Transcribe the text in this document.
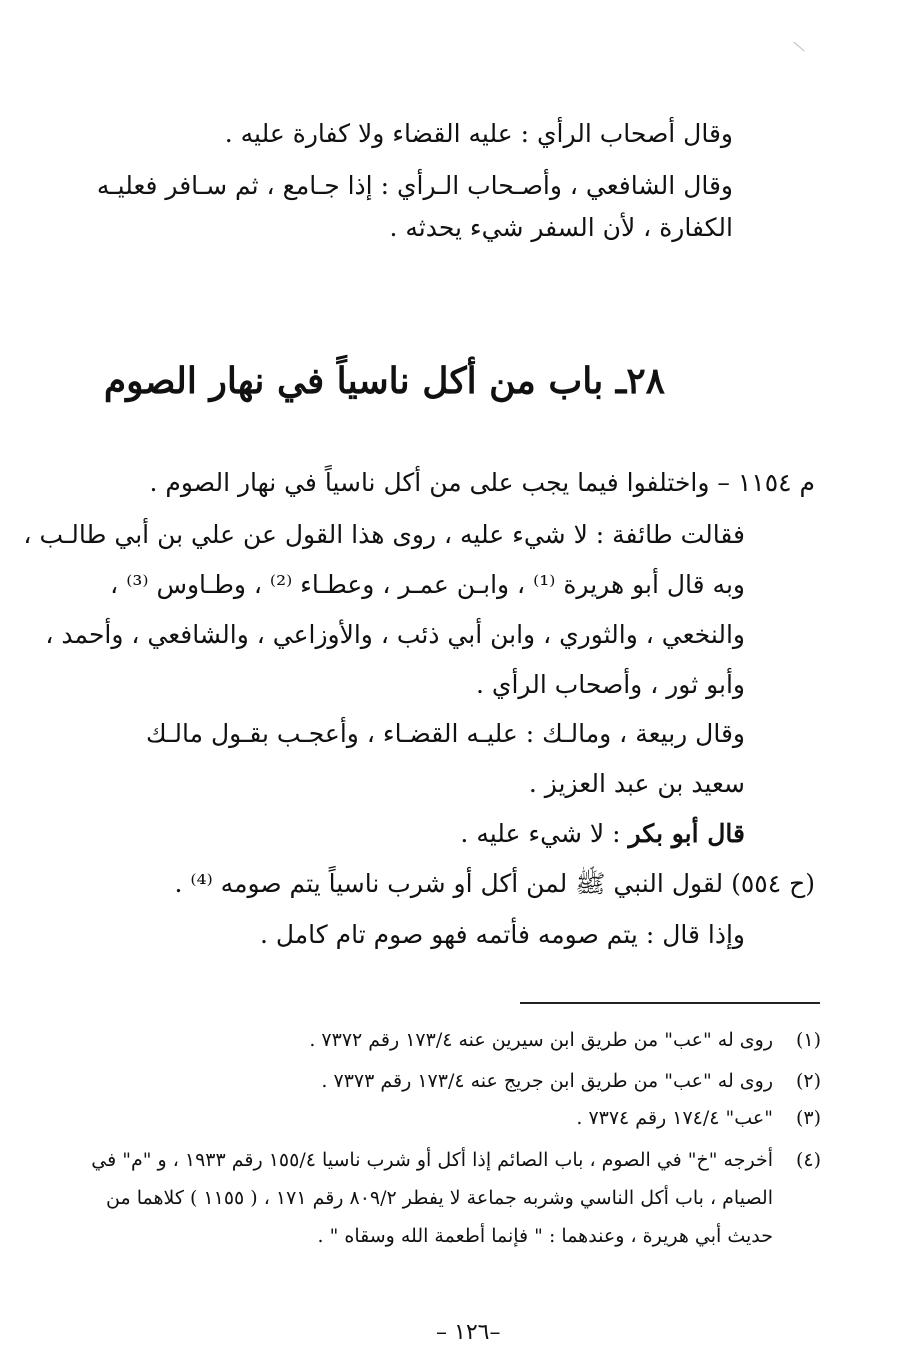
وقال أصحاب الرأي : عليه القضاء ولا كفارة عليه .
وقال الشافعي ، وأصـحاب الـرأي : إذا جـامع ، ثم سـافر فعليـه
الكفارة ، لأن السفر شيء يحدثه .
٢٨ـ باب من أكل ناسياً في نهار الصوم
م ١١٥٤ – واختلفوا فيما يجب على من أكل ناسياً في نهار الصوم .
فقالت طائفة : لا شيء عليه ، روى هذا القول عن علي بن أبي طالـب ،
وبه قال أبو هريرة ⁽¹⁾ ، وابـن عمـر ، وعطـاء ⁽²⁾ ، وطـاوس ⁽³⁾ ،
والنخعي ، والثوري ، وابن أبي ذئب ، والأوزاعي ، والشافعي ، وأحمد ،
وأبو ثور ، وأصحاب الرأي .
وقال ربيعة ، ومالـك : عليـه القضـاء ، وأعجـب بقـول مالـك
سعيد بن عبد العزيز .
قال أبو بكر : لا شيء عليه .
(ح ٥٥٤) لقول النبي ﷺ لمن أكل أو شرب ناسياً يتم صومه ⁽⁴⁾ .
وإذا قال : يتم صومه فأتمه فهو صوم تام كامل .
(١)
روى له "عب" من طريق ابن سيرين عنه ١٧٣/٤ رقم ٧٣٧٢ .
(٢)
روى له "عب" من طريق ابن جريج عنه ١٧٣/٤ رقم ٧٣٧٣ .
(٣)
"عب" ١٧٤/٤ رقم ٧٣٧٤ .
(٤)
أخرجه "خ" في الصوم ، باب الصائم إذا أكل أو شرب ناسيا ١٥٥/٤ رقم ١٩٣٣ ، و "م" في
الصيام ، باب أكل الناسي وشربه جماعة لا يفطر ٨٠٩/٢ رقم ١٧١ ، ( ١١٥٥ ) كلاهما من
حديث أبي هريرة ، وعندهما : " فإنما أطعمة الله وسقاه " .
–١٢٦ –
